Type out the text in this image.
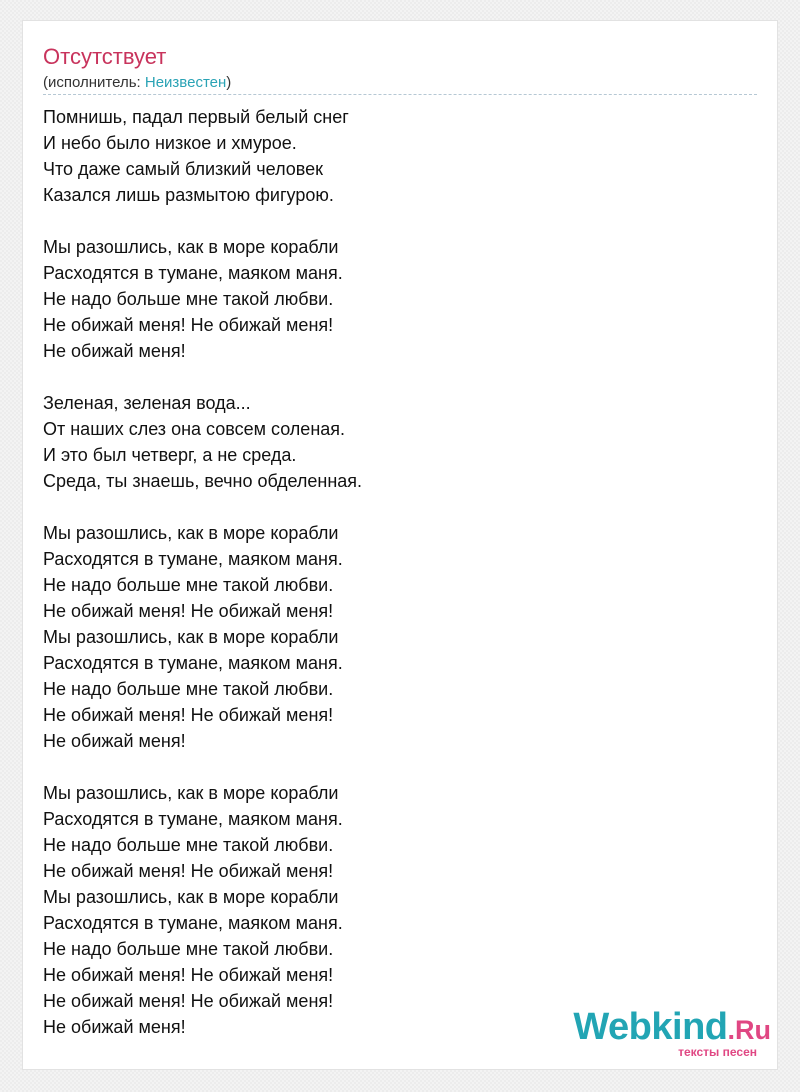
Отсутствует
(исполнитель: Неизвестен)
Помнишь, падал первый белый снег
И небо было низкое и хмурое.
Что даже самый близкий человек
Казался лишь размытою фигурою.
Мы разошлись, как в море корабли
Расходятся в тумане, маяком маня.
Не надо больше мне такой любви.
Не обижай меня! Не обижай меня!
Не обижай меня!
Зеленая, зеленая вода...
От наших слез она совсем соленая.
И это был четверг, а не среда.
Среда, ты знаешь, вечно обделенная.
Мы разошлись, как в море корабли
Расходятся в тумане, маяком маня.
Не надо больше мне такой любви.
Не обижай меня! Не обижай меня!
Мы разошлись, как в море корабли
Расходятся в тумане, маяком маня.
Не надо больше мне такой любви.
Не обижай меня! Не обижай меня!
Не обижай меня!
Мы разошлись, как в море корабли
Расходятся в тумане, маяком маня.
Не надо больше мне такой любви.
Не обижай меня! Не обижай меня!
Мы разошлись, как в море корабли
Расходятся в тумане, маяком маня.
Не надо больше мне такой любви.
Не обижай меня! Не обижай меня!
Не обижай меня! Не обижай меня!
Не обижай меня!	Webkind.Ru
тексты песен
